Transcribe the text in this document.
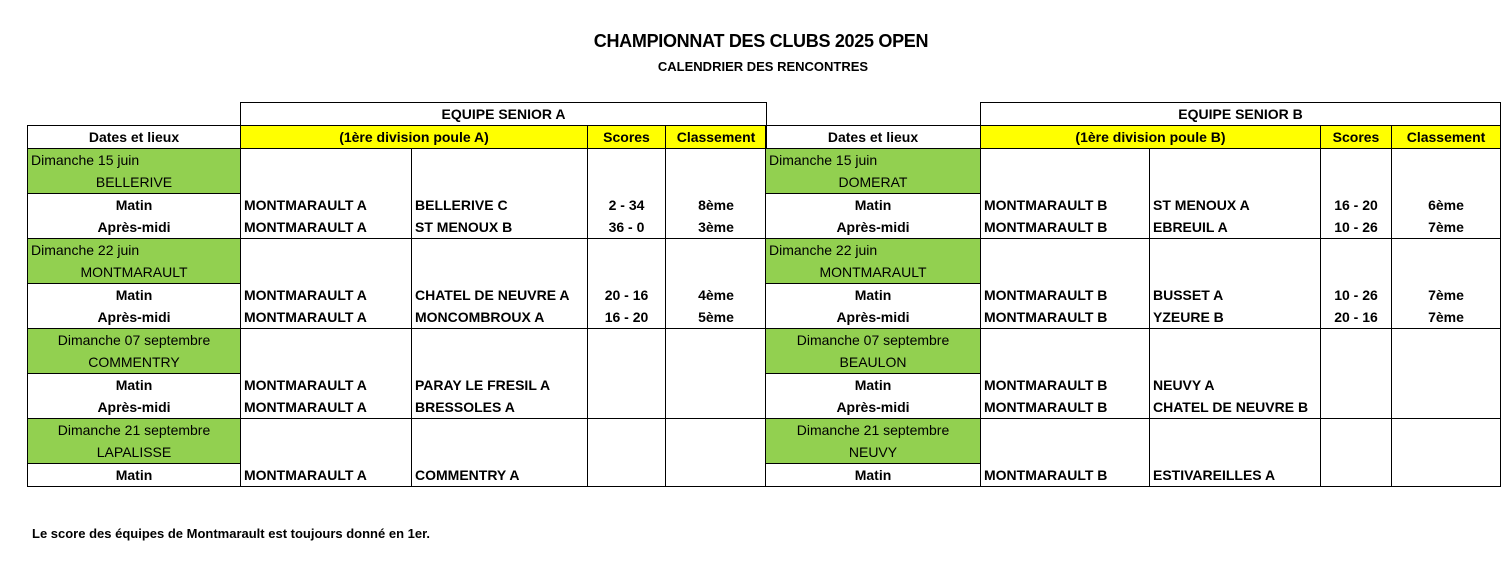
CHAMPIONNAT DES CLUBS 2025 OPEN
CALENDRIER DES RENCONTRES
	EQUIPE SENIOR A			
Dates et lieux	(1ère division poule A)		Scores	Classement
Dimanche 15 juin				
BELLERIVE				
Matin	MONTMARAULT A	BELLERIVE C	2 - 34	8ème
Après-midi	MONTMARAULT A	ST MENOUX B	36 - 0	3ème
Dimanche 22 juin				
MONTMARAULT				
Matin	MONTMARAULT A	CHATEL DE NEUVRE A	20 - 16	4ème
Après-midi	MONTMARAULT A	MONCOMBROUX A	16 - 20	5ème
Dimanche 07 septembre				
COMMENTRY				
Matin	MONTMARAULT A	PARAY LE FRESIL A		
Après-midi	MONTMARAULT A	BRESSOLES A		
Dimanche 21 septembre				
LAPALISSE				
Matin	MONTMARAULT A	COMMENTRY A		
	EQUIPE SENIOR B			
Dates et lieux	(1ère division poule B)		Scores	Classement
Dimanche 15 juin				
DOMERAT				
Matin	MONTMARAULT B	ST MENOUX A	16 - 20	6ème
Après-midi	MONTMARAULT B	EBREUIL A	10 - 26	7ème
Dimanche 22 juin				
MONTMARAULT				
Matin	MONTMARAULT B	BUSSET A	10 - 26	7ème
Après-midi	MONTMARAULT B	YZEURE B	20 - 16	7ème
Dimanche 07 septembre				
BEAULON				
Matin	MONTMARAULT B	NEUVY A		
Après-midi	MONTMARAULT B	CHATEL DE NEUVRE B		
Dimanche 21 septembre				
NEUVY				
Matin	MONTMARAULT B	ESTIVAREILLES A		
Le score des équipes de Montmarault est toujours donné en 1er.
